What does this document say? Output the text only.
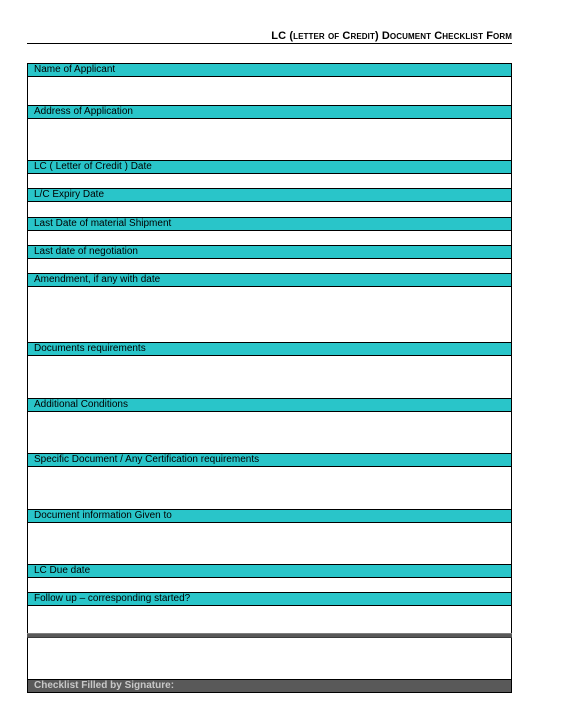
LC (letter of Credit) Document Checklist Form
Name of Applicant
Address of Application
LC ( Letter of Credit ) Date
L/C Expiry Date
Last Date of material Shipment
Last date of negotiation
Amendment, if any with date
Documents requirements
Additional Conditions
Specific Document / Any Certification requirements
Document information Given to
LC Due date
Follow up – corresponding started?
Checklist Filled by Signature:
